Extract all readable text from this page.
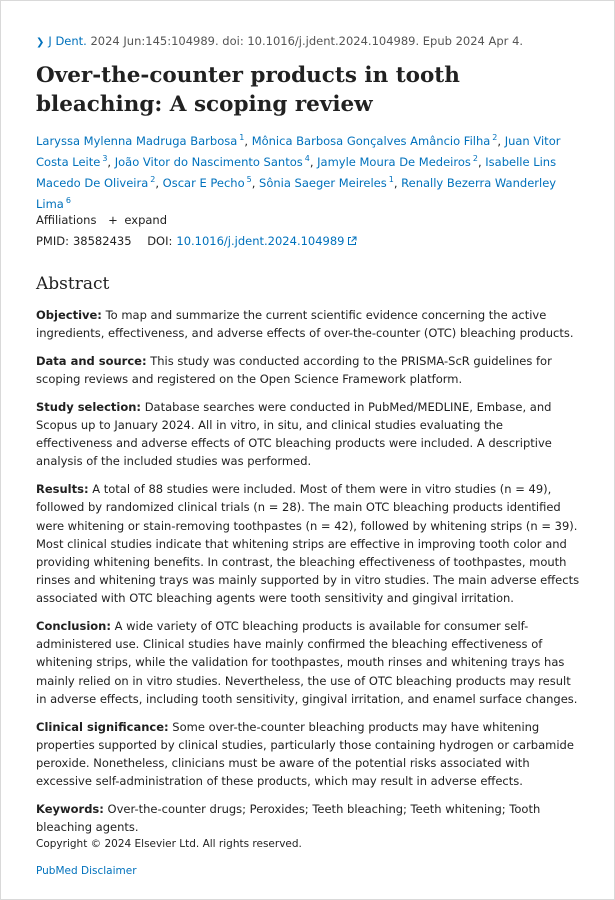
❯ J Dent. 2024 Jun:145:104989. doi: 10.1016/j.jdent.2024.104989. Epub 2024 Apr 4.
Over-the-counter products in tooth bleaching: A scoping review
Laryssa Mylenna Madruga Barbosa $^1$, Mônica Barbosa Gonçalves Amâncio Filha $^2$, Juan Vitor Costa Leite $^3$, João Vitor do Nascimento Santos $^4$, Jamyle Moura De Medeiros $^2$, Isabelle Lins Macedo De Oliveira $^2$, Oscar E Pecho $^5$, Sônia Saeger Meireles $^1$, Renally Bezerra Wanderley Lima $^6$
Affiliations + expand
PMID: 38582435 DOI: 10.1016/j.jdent.2024.104989
Abstract

Objective: To map and summarize the current scientific evidence concerning the active ingredients, effectiveness, and adverse effects of over-the-counter (OTC) bleaching products.

Data and source: This study was conducted according to the PRISMA-ScR guidelines for scoping reviews and registered on the Open Science Framework platform.

Study selection: Database searches were conducted in PubMed/MEDLINE, Embase, and Scopus up to January 2024. All in vitro, in situ, and clinical studies evaluating the effectiveness and adverse effects of OTC bleaching products were included. A descriptive analysis of the included studies was performed.

Results: A total of 88 studies were included. Most of them were in vitro studies (n = 49), followed by randomized clinical trials (n = 28). The main OTC bleaching products identified were whitening or stain-removing toothpastes (n = 42), followed by whitening strips (n = 39). Most clinical studies indicate that whitening strips are effective in improving tooth color and providing whitening benefits. In contrast, the bleaching effectiveness of toothpastes, mouth rinses and whitening trays was mainly supported by in vitro studies. The main adverse effects associated with OTC bleaching agents were tooth sensitivity and gingival irritation.

Conclusion: A wide variety of OTC bleaching products is available for consumer self-administered use. Clinical studies have mainly confirmed the bleaching effectiveness of whitening strips, while the validation for toothpastes, mouth rinses and whitening trays has mainly relied on in vitro studies. Nevertheless, the use of OTC bleaching products may result in adverse effects, including tooth sensitivity, gingival irritation, and enamel surface changes.

Clinical significance: Some over-the-counter bleaching products may have whitening properties supported by clinical studies, particularly those containing hydrogen or carbamide peroxide. Nonetheless, clinicians must be aware of the potential risks associated with excessive self-administration of these products, which may result in adverse effects.

Keywords: Over-the-counter drugs; Peroxides; Teeth bleaching; Teeth whitening; Tooth bleaching agents.

Copyright © 2024 Elsevier Ltd. All rights reserved.
PubMed Disclaimer
